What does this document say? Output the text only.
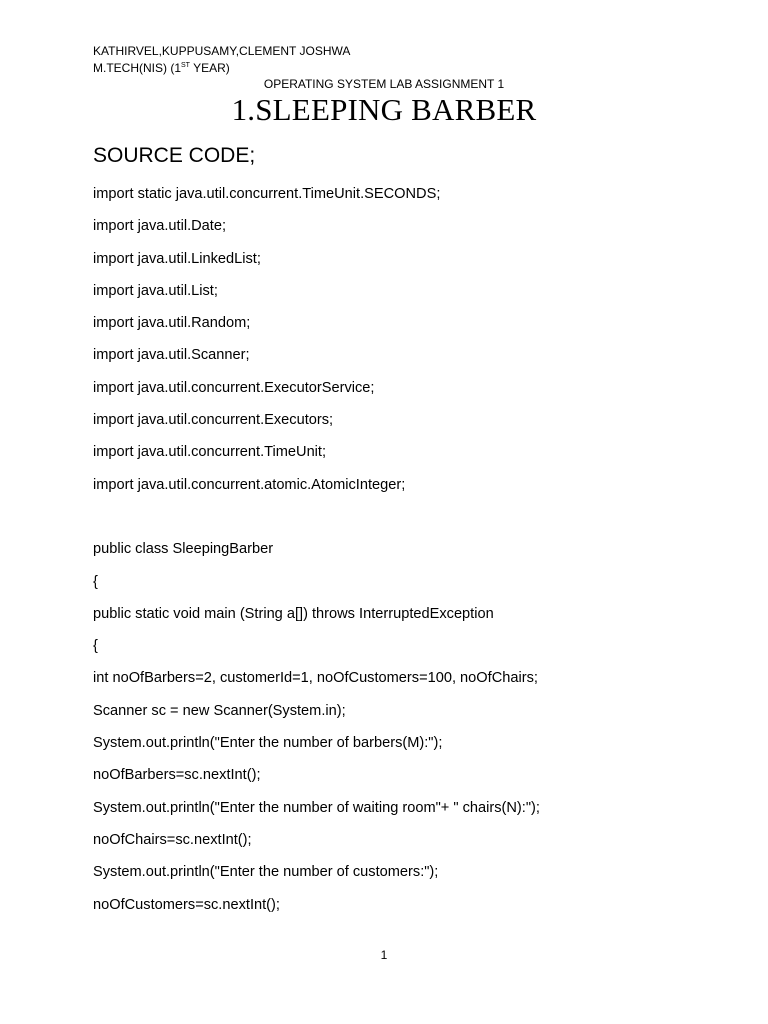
KATHIRVEL,KUPPUSAMY,CLEMENT JOSHWA
M.TECH(NIS) (1ST YEAR)
OPERATING SYSTEM LAB ASSIGNMENT 1
1.SLEEPING BARBER
SOURCE CODE;
import static java.util.concurrent.TimeUnit.SECONDS;
import java.util.Date;
import java.util.LinkedList;
import java.util.List;
import java.util.Random;
import java.util.Scanner;
import java.util.concurrent.ExecutorService;
import java.util.concurrent.Executors;
import java.util.concurrent.TimeUnit;
import java.util.concurrent.atomic.AtomicInteger;
public class SleepingBarber
{
public static void main (String a[]) throws InterruptedException
{
int noOfBarbers=2, customerId=1, noOfCustomers=100, noOfChairs;
Scanner sc = new Scanner(System.in);
System.out.println("Enter the number of barbers(M):");
noOfBarbers=sc.nextInt();
System.out.println("Enter the number of waiting room"+ " chairs(N):");
noOfChairs=sc.nextInt();
System.out.println("Enter the number of customers:");
noOfCustomers=sc.nextInt();
1
